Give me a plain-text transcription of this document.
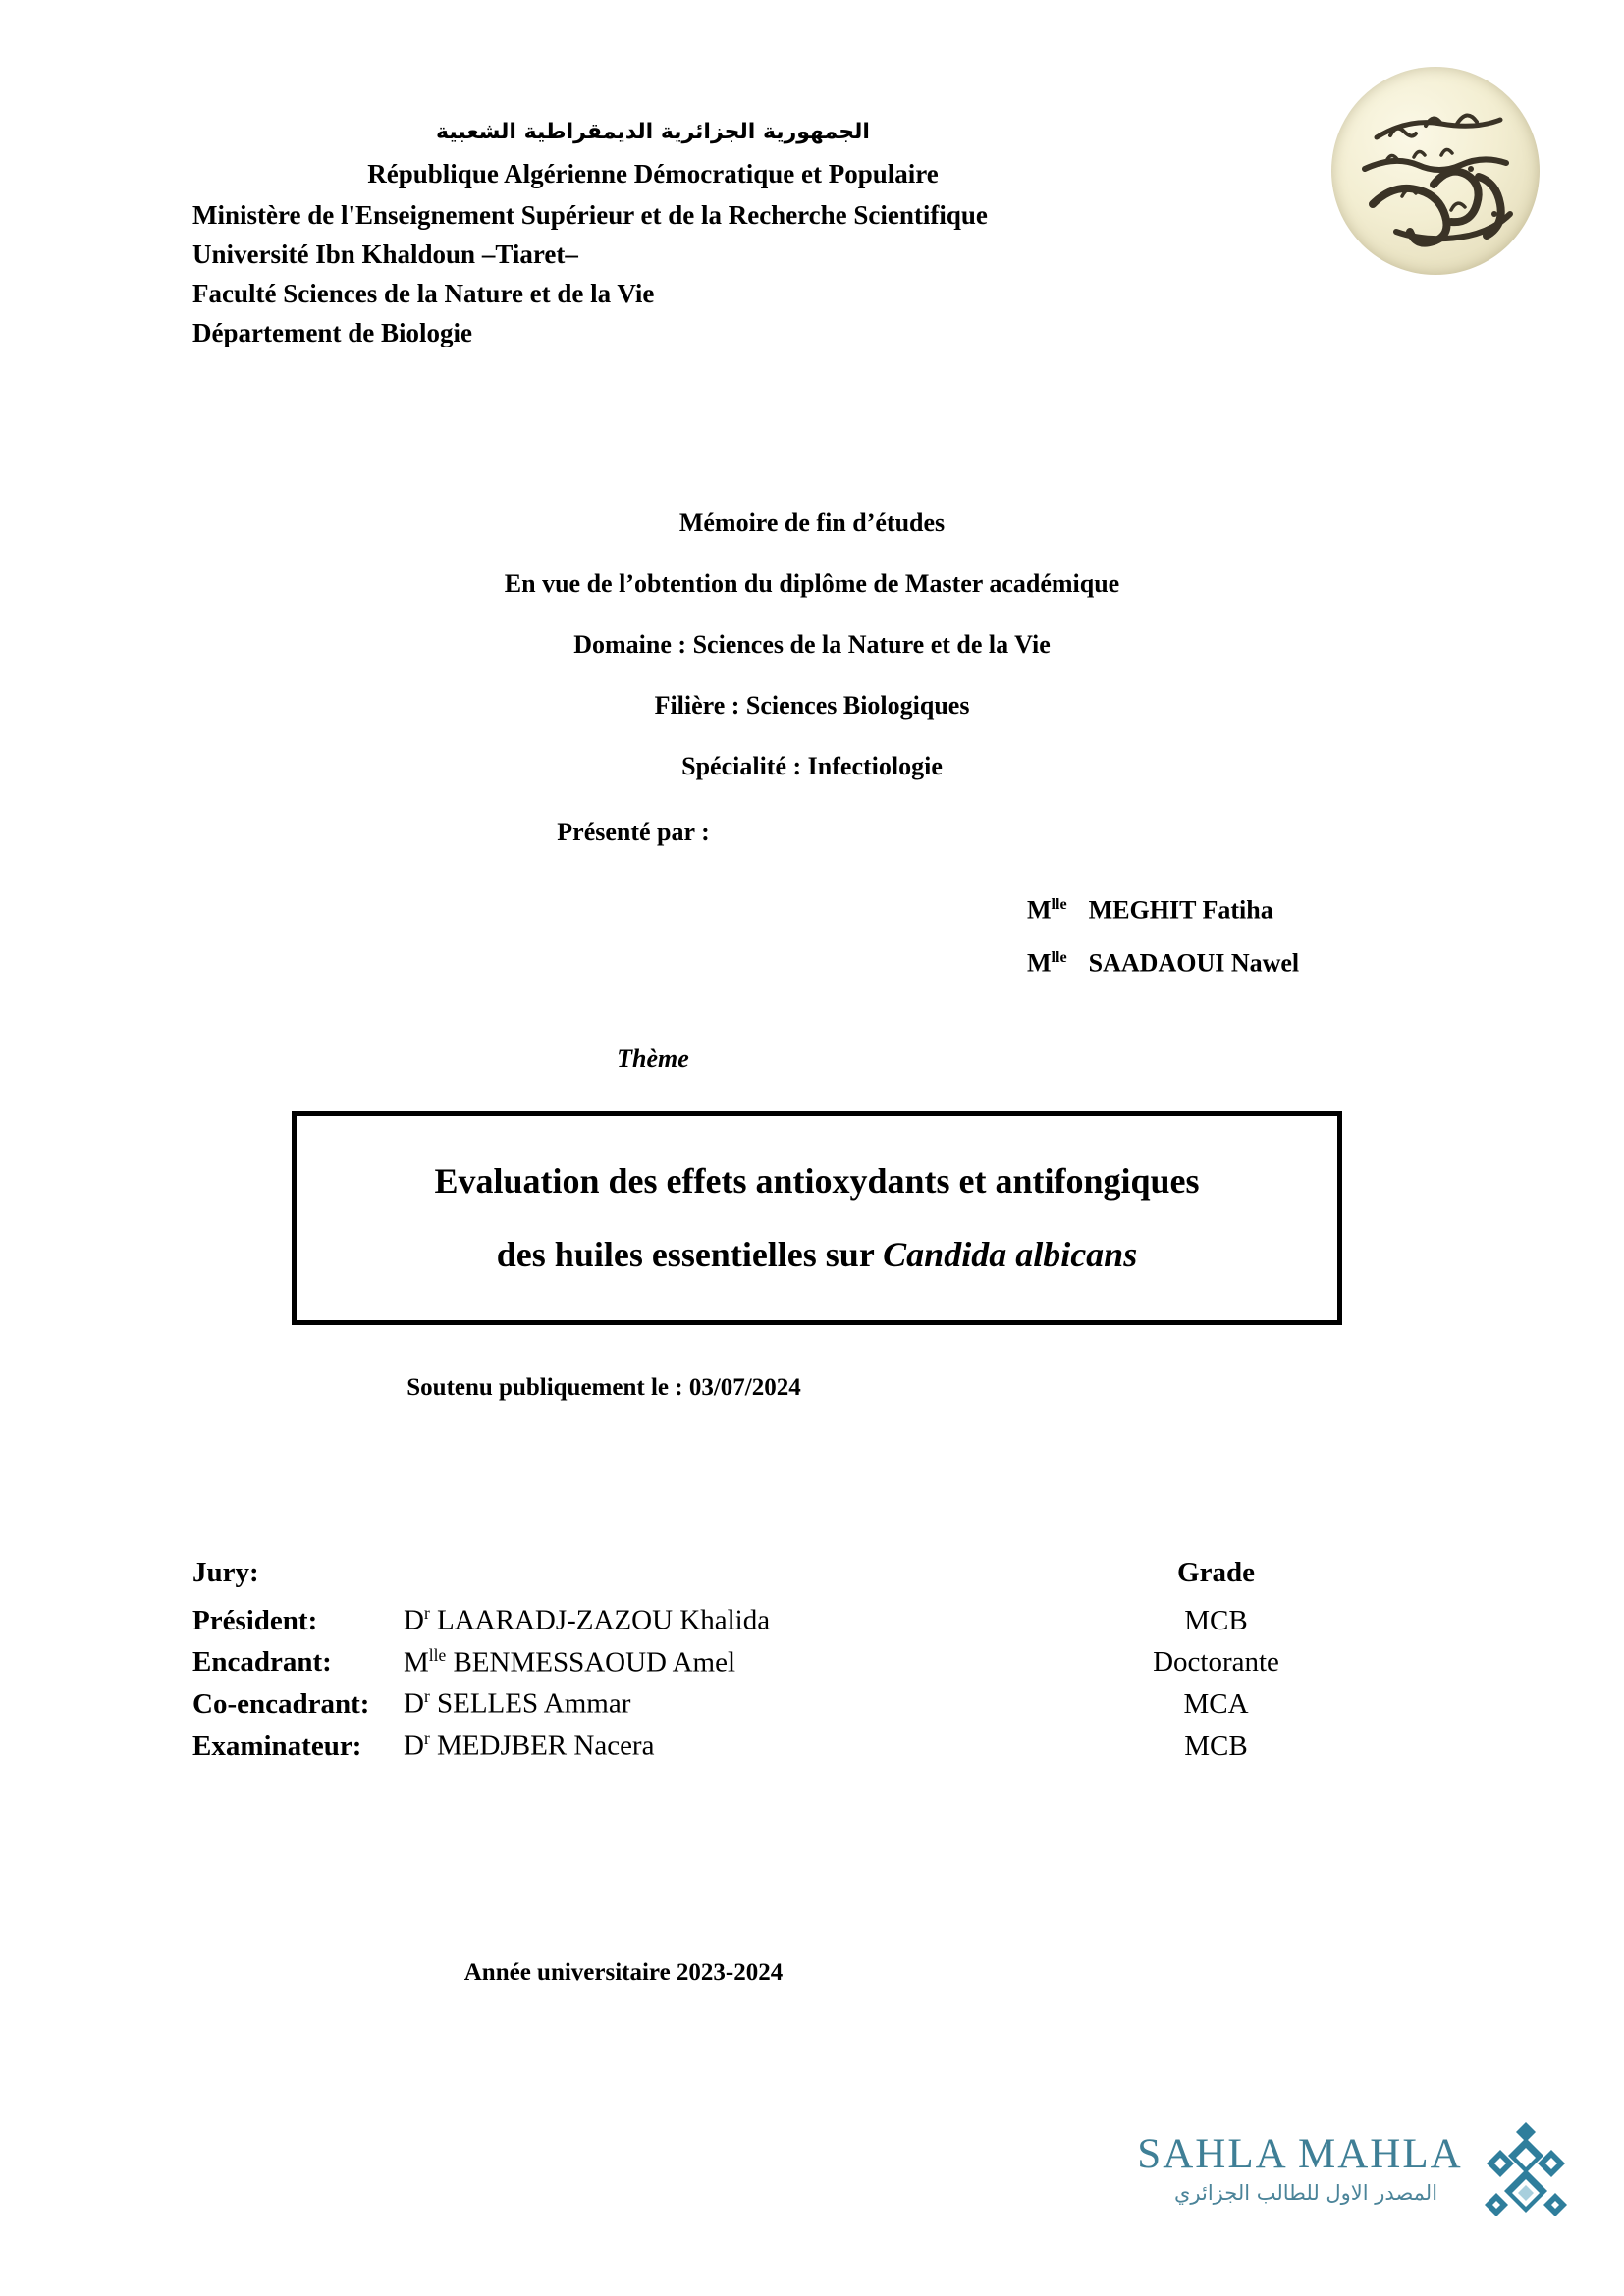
الجمهورية الجزائرية الديمقراطية الشعبية
République Algérienne Démocratique et Populaire
Ministère de l'Enseignement Supérieur et de la Recherche Scientifique
Université Ibn Khaldoun –Tiaret–
Faculté Sciences de la Nature et de la Vie
Département de Biologie
Mémoire de fin d’études
En vue de l’obtention du diplôme de Master académique
Domaine : Sciences de la Nature et de la Vie
Filière : Sciences Biologiques
Spécialité : Infectiologie
Présenté par :
$M^{lle}$ MEGHIT Fatiha
$M^{lle}$ SAADAOUI Nawel
Thème
Evaluation des effets antioxydants et antifongiques
des huiles essentielles sur Candida albicans
Soutenu publiquement le : 03/07/2024
Jury:		Grade
Président:	$D^r$ LAARADJ-ZAZOU Khalida	MCB
Encadrant:	$M^{lle}$ BENMESSAOUD Amel	Doctorante
Co-encadrant:	$D^r$ SELLES Ammar	MCA
Examinateur:	$D^r$ MEDJBER Nacera	MCB
Année universitaire 2023-2024
SAHLA MAHLA
المصدر الاول للطالب الجزائري
